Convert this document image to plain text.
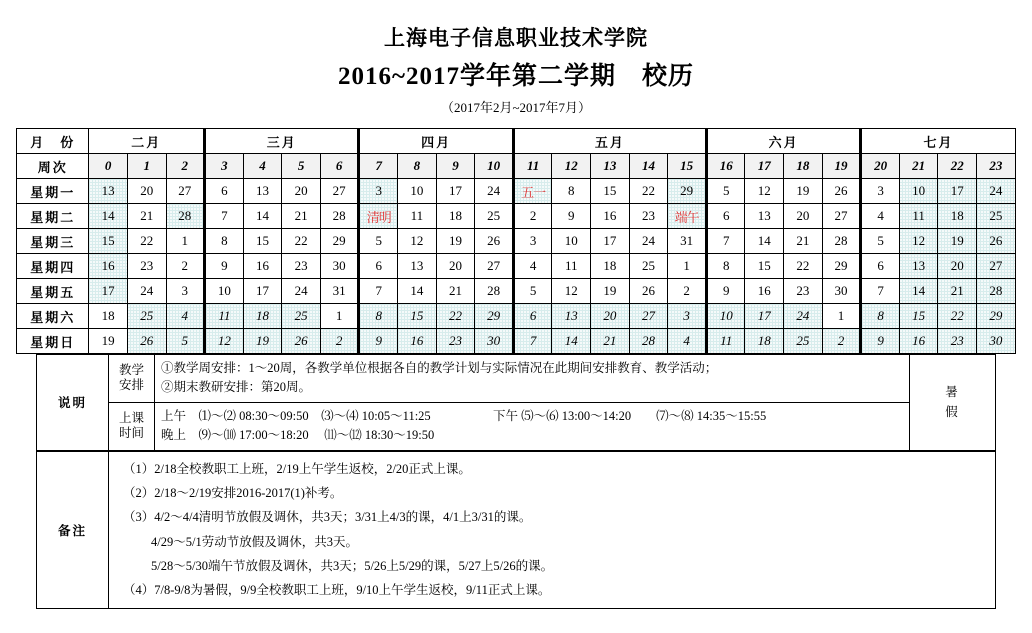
上海电子信息职业技术学院
2016~2017学年第二学期　校历
（2017年2月~2017年7月）
月　份	二月			三月				四月				五月					六月				七月			
周次	0	1	2	3	4	5	6	7	8	9	10	11	12	13	14	15	16	17	18	19	20	21	22	23
星期一	13	20	27	6	13	20	27	3	10	17	24	五一	8	15	22	29	5	12	19	26	3	10	17	24
星期二	14	21	28	7	14	21	28	清明	11	18	25	2	9	16	23	端午	6	13	20	27	4	11	18	25
星期三	15	22	1	8	15	22	29	5	12	19	26	3	10	17	24	31	7	14	21	28	5	12	19	26
星期四	16	23	2	9	16	23	30	6	13	20	27	4	11	18	25	1	8	15	22	29	6	13	20	27
星期五	17	24	3	10	17	24	31	7	14	21	28	5	12	19	26	2	9	16	23	30	7	14	21	28
星期六	18	25	4	11	18	25	1	8	15	22	29	6	13	20	27	3	10	17	24	1	8	15	22	29
星期日	19	26	5	12	19	26	2	9	16	23	30	7	14	21	28	4	11	18	25	2	9	16	23	30
说明	
教学
安排

①教学周安排：1～20周，各教学单位根据各自的教学计划与实际情况在此期间安排教育、教学活动；
②期末教研安排：第20周。	暑
假

上课
时间

上午　⑴～⑵ 08:30～09:50　⑶～⑷ 10:05～11:25	下午 ⑸～⑹ 13:00～14:20　　⑺～⑻ 14:35～15:55
晚上　⑼～⑽ 17:00～18:20　 ⑾～⑿ 18:30～19:50
备注	
（1）2/18全校教职工上班，2/19上午学生返校，2/20正式上课。
（2）2/18～2/19安排2016-2017(1)补考。
（3）4/2～4/4清明节放假及调休，共3天；3/31上4/3的课，4/1上3/31的课。
4/29～5/1劳动节放假及调休，共3天。
5/28～5/30端午节放假及调休，共3天；5/26上5/29的课，5/27上5/26的课。
（4）7/8-9/8为暑假，9/9全校教职工上班，9/10上午学生返校，9/11正式上课。
